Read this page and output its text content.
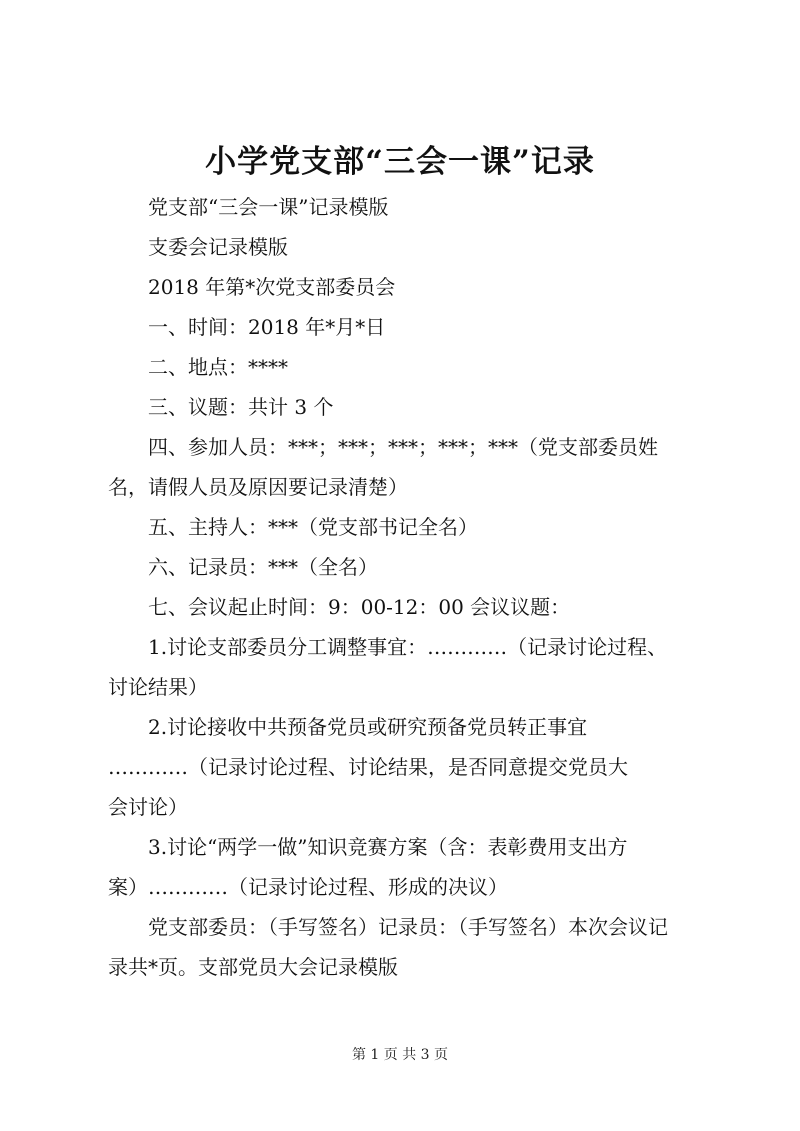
小学党支部“三会一课”记录
党支部“三会一课”记录模版
支委会记录模版
2018 年第*次党支部委员会
一、时间：2018 年*月*日
二、地点：****
三、议题：共计 3 个
四、参加人员：***；***；***；***；***（党支部委员姓
名，请假人员及原因要记录清楚）
五、主持人：***（党支部书记全名）
六、记录员：***（全名）
七、会议起止时间：9：00-12：00 会议议题：
1.讨论支部委员分工调整事宜：…………（记录讨论过程、
讨论结果）
2.讨论接收中共预备党员或研究预备党员转正事宜
…………（记录讨论过程、讨论结果，是否同意提交党员大
会讨论）
3.讨论“两学一做”知识竞赛方案（含：表彰费用支出方
案）…………（记录讨论过程、形成的决议）
党支部委员：（手写签名）记录员：（手写签名）本次会议记
录共*页。支部党员大会记录模版
第 1 页 共 3 页
